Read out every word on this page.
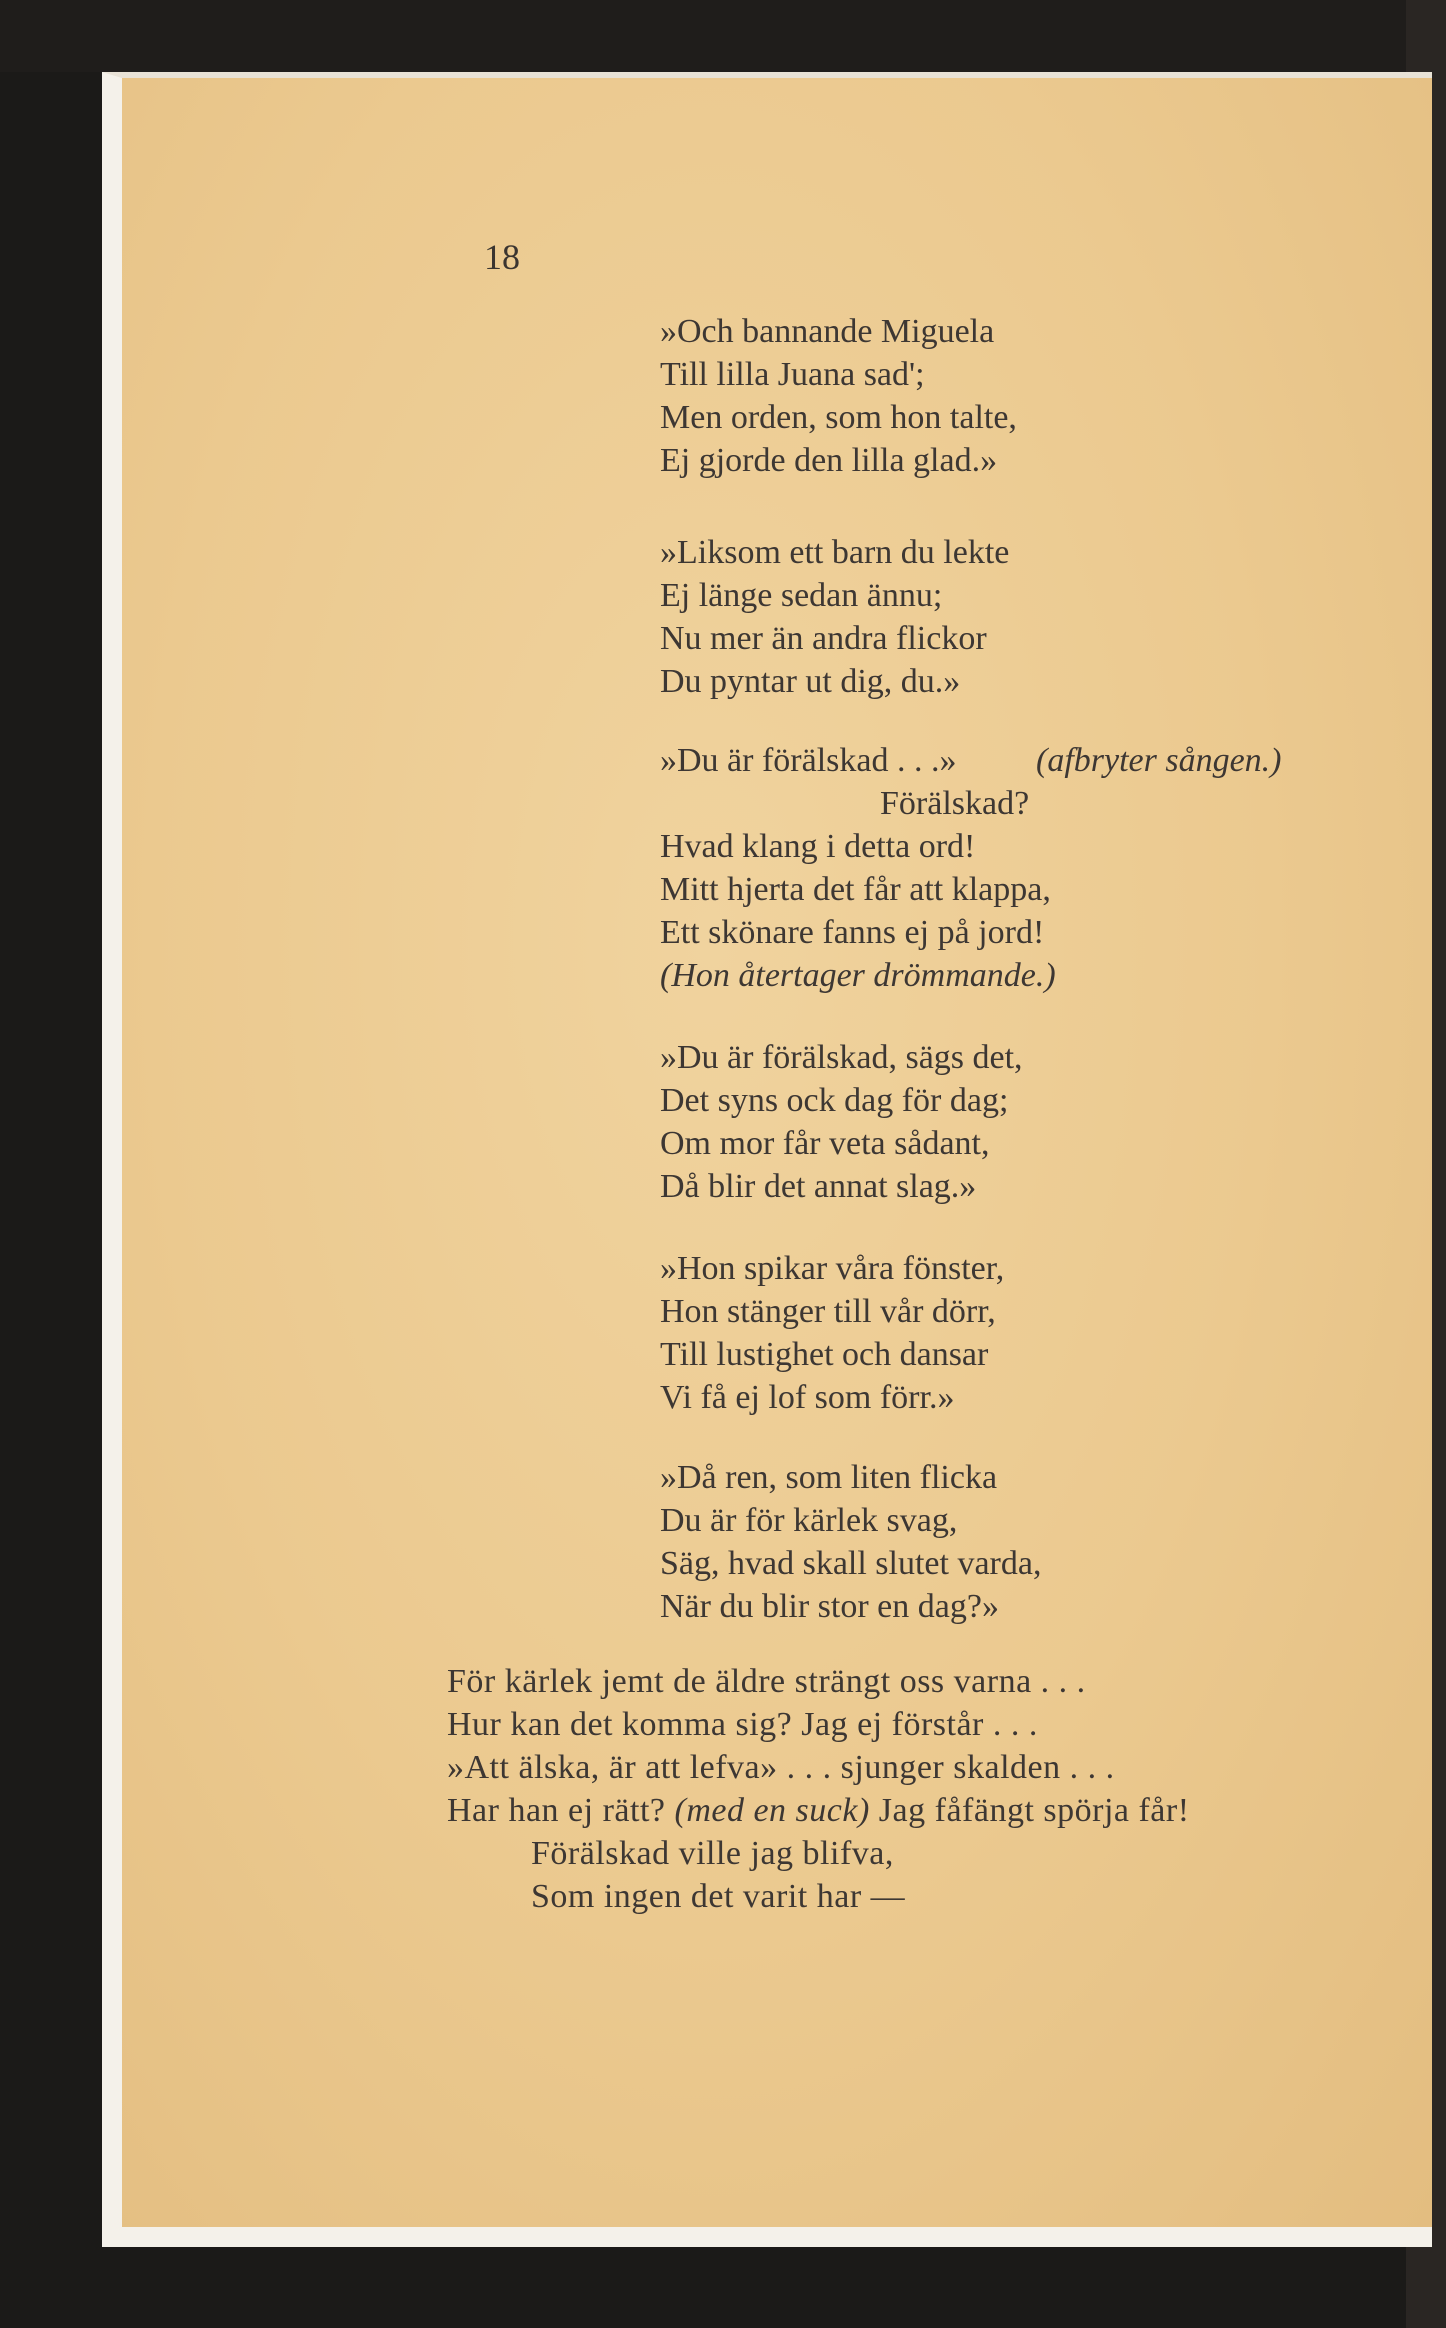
18

»Och bannande Miguela

Till lilla Juana sad';

Men orden, som hon talte,

Ej gjorde den lilla glad.»

»Liksom ett barn du lekte

Ej länge sedan ännu;

Nu mer än andra flickor

Du pyntar ut dig, du.»

»Du är förälskad . . .»

(afbryter sången.)

Förälskad?

Hvad klang i detta ord!

Mitt hjerta det får att klappa,

Ett skönare fanns ej på jord!

(Hon återtager drömmande.)

»Du är förälskad, sägs det,

Det syns ock dag för dag;

Om mor får veta sådant,

Då blir det annat slag.»

»Hon spikar våra fönster,

Hon stänger till vår dörr,

Till lustighet och dansar

Vi få ej lof som förr.»

»Då ren, som liten flicka

Du är för kärlek svag,

Säg, hvad skall slutet varda,

När du blir stor en dag?»

För kärlek jemt de äldre strängt oss varna . . .

Hur kan det komma sig? Jag ej förstår . . .

»Att älska, är att lefva» . . . sjunger skalden . . .

Har han ej rätt? (med en suck) Jag fåfängt spörja får!

Förälskad ville jag blifva,

Som ingen det varit har —
